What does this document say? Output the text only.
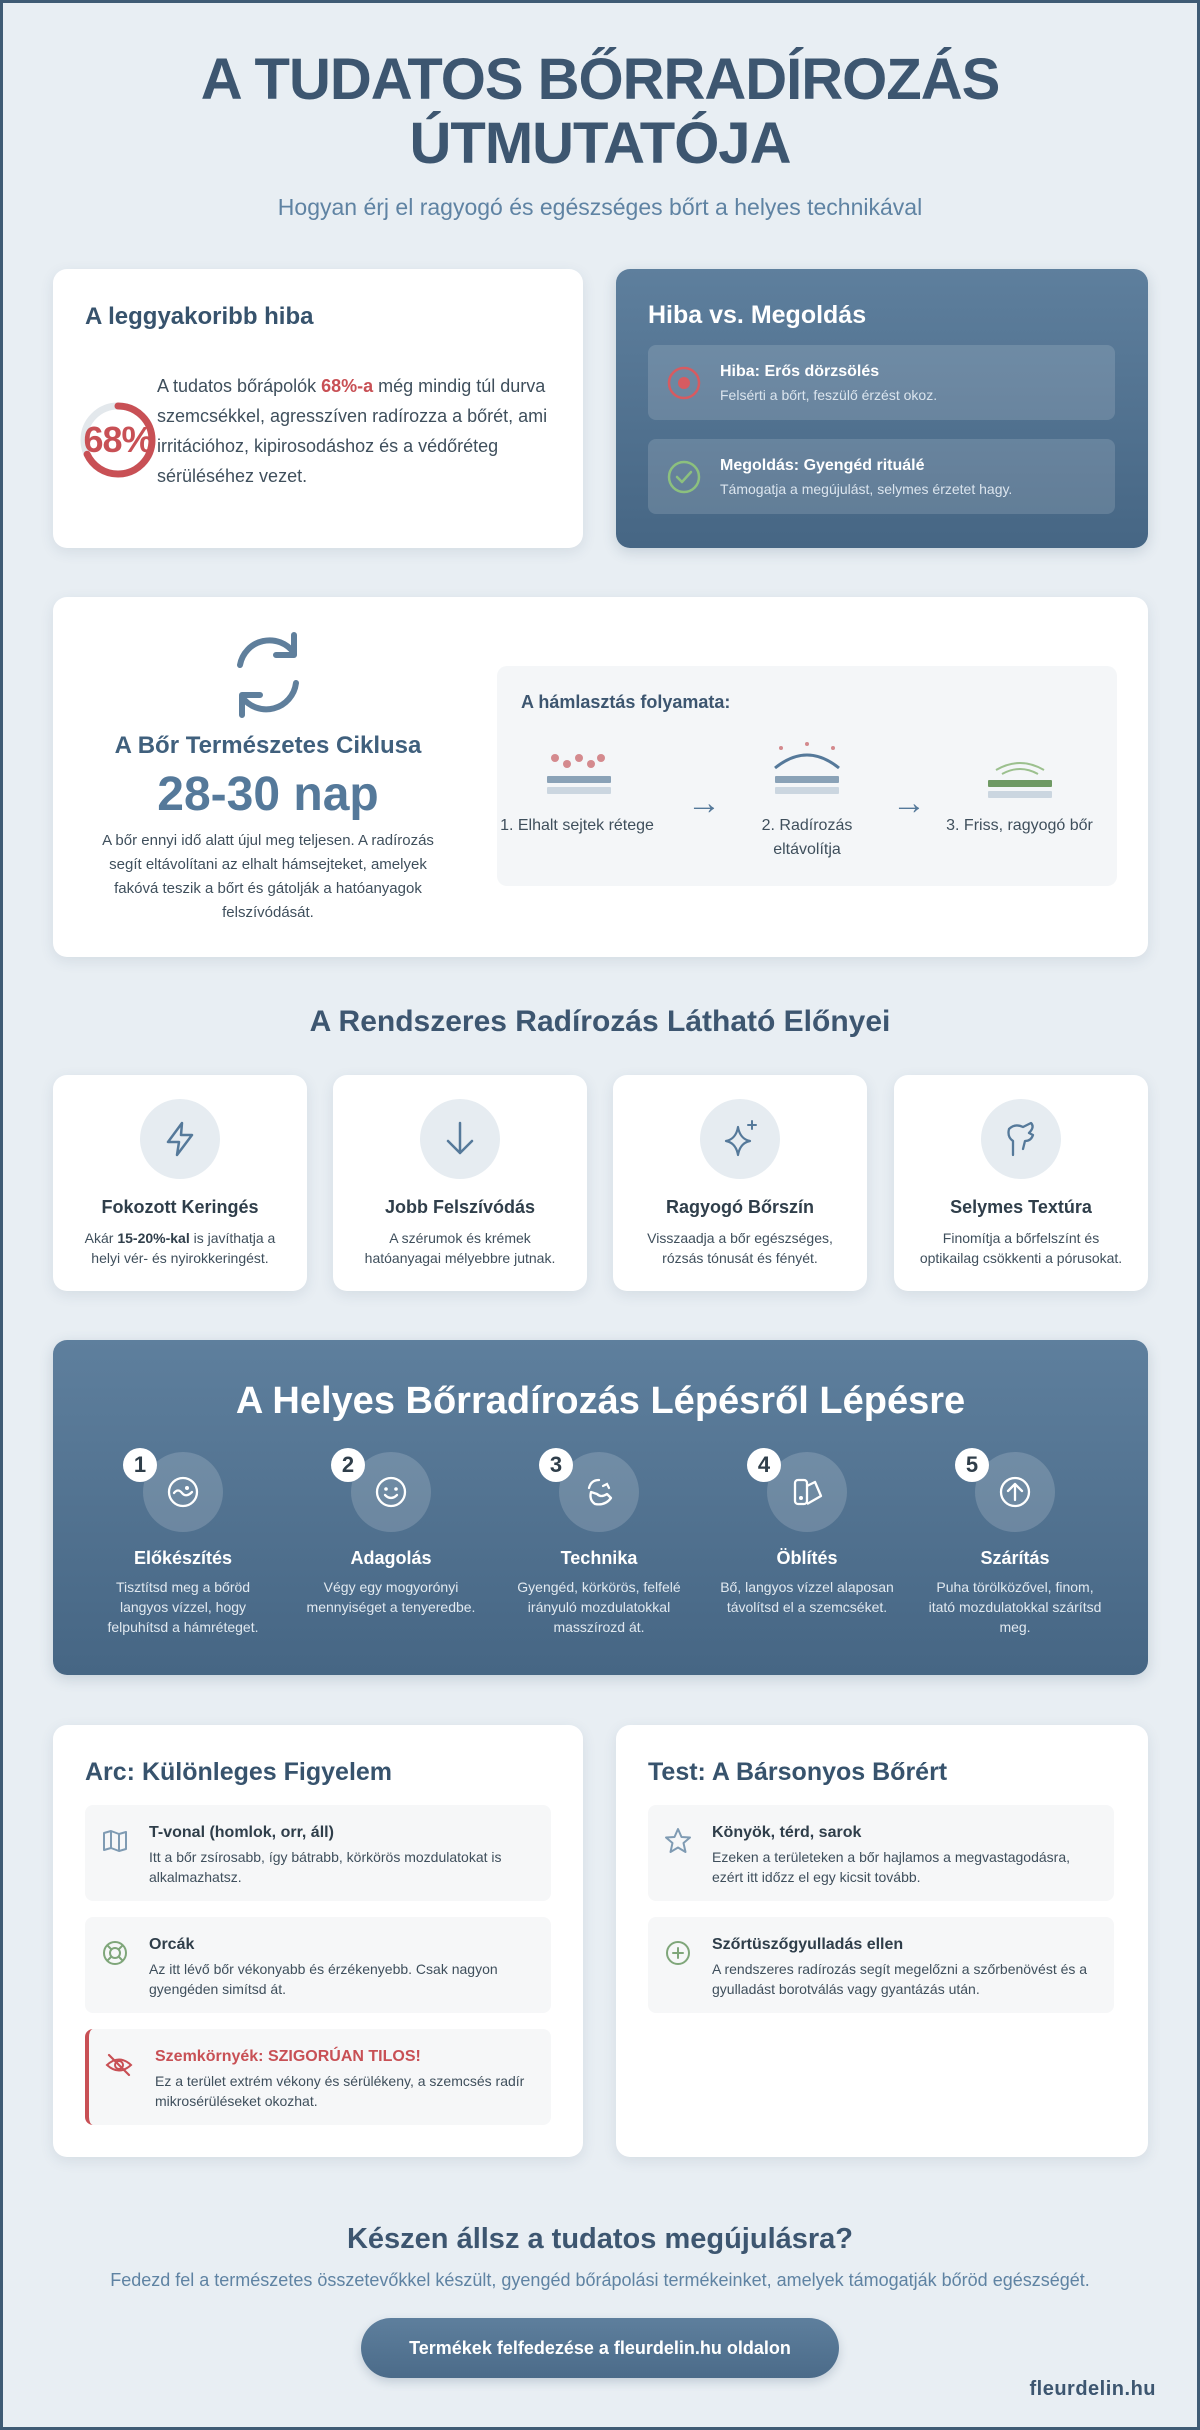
A TUDATOS BŐRRADÍROZÁS
ÚTMUTATÓJA
Hogyan érj el ragyogó és egészséges bőrt a helyes technikával
A leggyakoribb hiba
68%

A tudatos bőrápolók 68%-a még mindig túl durva szemcsékkel, agresszíven radírozza a bőrét, ami irritációhoz, kipirosodáshoz és a védőréteg sérüléséhez vezet.

Hiba vs. Megoldás
Hiba: Erős dörzsölés
Felsérti a bőrt, feszülő érzést okoz.
Megoldás: Gyengéd rituálé
Támogatja a megújulást, selymes érzetet hagy.
A Bőr Természetes Ciklusa
28-30 nap
A bőr ennyi idő alatt újul meg teljesen. A radírozás segít eltávolítani az elhalt hámsejteket, amelyek fakóvá teszik a bőrt és gátolják a hatóanyagok felszívódását.
A hámlasztás folyamata:
1. Elhalt sejtek rétege
→
2. Radírozás eltávolítja
→
3. Friss, ragyogó bőr
A Rendszeres Radírozás Látható Előnyei
Fokozott Keringés
Akár 15-20%-kal is javíthatja a helyi vér- és nyirokkeringést.
Jobb Felszívódás
A szérumok és krémek hatóanyagai mélyebbre jutnak.
Ragyogó Bőrszín
Visszaadja a bőr egészséges, rózsás tónusát és fényét.
Selymes Textúra
Finomítja a bőrfelszínt és optikailag csökkenti a pórusokat.
A Helyes Bőrradírozás Lépésről Lépésre
1
Előkészítés
Tisztítsd meg a bőröd langyos vízzel, hogy felpuhítsd a hámréteget.
2
Adagolás
Végy egy mogyorónyi mennyiséget a tenyeredbe.
3
Technika
Gyengéd, körkörös, felfelé irányuló mozdulatokkal masszírozd át.
4
Öblítés
Bő, langyos vízzel alaposan távolítsd el a szemcséket.
5
Szárítás
Puha törölközővel, finom, itató mozdulatokkal szárítsd meg.
Arc: Különleges Figyelem
T-vonal (homlok, orr, áll)
Itt a bőr zsírosabb, így bátrabb, körkörös mozdulatokat is alkalmazhatsz.
Orcák
Az itt lévő bőr vékonyabb és érzékenyebb. Csak nagyon gyengéden simítsd át.
Szemkörnyék: SZIGORÚAN TILOS!
Ez a terület extrém vékony és sérülékeny, a szemcsés radír mikrosérüléseket okozhat.
Test: A Bársonyos Bőrért
Könyök, térd, sarok
Ezeken a területeken a bőr hajlamos a megvastagodásra, ezért itt időzz el egy kicsit tovább.
Szőrtüszőgyulladás ellen
A rendszeres radírozás segít megelőzni a szőrbenövést és a gyulladást borotválás vagy gyantázás után.
Készen állsz a tudatos megújulásra?
Fedezd fel a természetes összetevőkkel készült, gyengéd bőrápolási termékeinket, amelyek támogatják bőröd egészségét.
Termékek felfedezése a fleurdelin.hu oldalon
fleurdelin.hu
